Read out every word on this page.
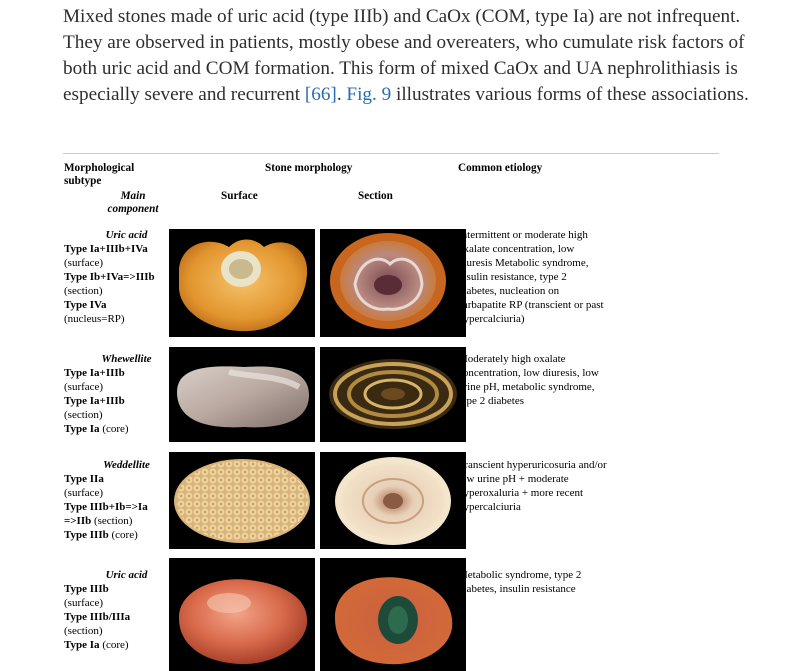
Mixed stones made of uric acid (type IIIb) and CaOx (COM, type Ia) are not infrequent. They are observed in patients, mostly obese and overeaters, who cumulate risk factors of both uric acid and COM formation. This form of mixed CaOx and UA nephrolithiasis is especially severe and recurrent [66]. Fig. 9 illustrates various forms of these associations.
Morphological
subtype
Stone morphology	Common etiology
Main
component
Surface	Section
Uric acid
Type Ia+IIIb+IVa
(surface)
Type Ib+IVa=>IIIb
(section)
Type IVa
(nucleus=RP)
Intermittent or moderate high oxalate concentration, low diuresis Metabolic syndrome, insulin resistance, type 2 diabetes, nucleation on carbapatite RP (transcient or past hypercalciuria)
Whewellite
Type Ia+IIIb
(surface)
Type Ia+IIIb
(section)
Type Ia (core)
Moderately high oxalate concentration, low diuresis, low urine pH, metabolic syndrome, type 2 diabetes
Weddellite
Type IIa
(surface)
Type IIIb+Ib=>Ia
=>IIb (section)
Type IIIb (core)
Transcient hyperuricosuria and/or low urine pH + moderate hyperoxaluria + more recent hypercalciuria
Uric acid
Type IIIb
(surface)
Type IIIb/IIIa
(section)
Type Ia (core)
Metabolic syndrome, type 2 diabetes, insulin resistance
